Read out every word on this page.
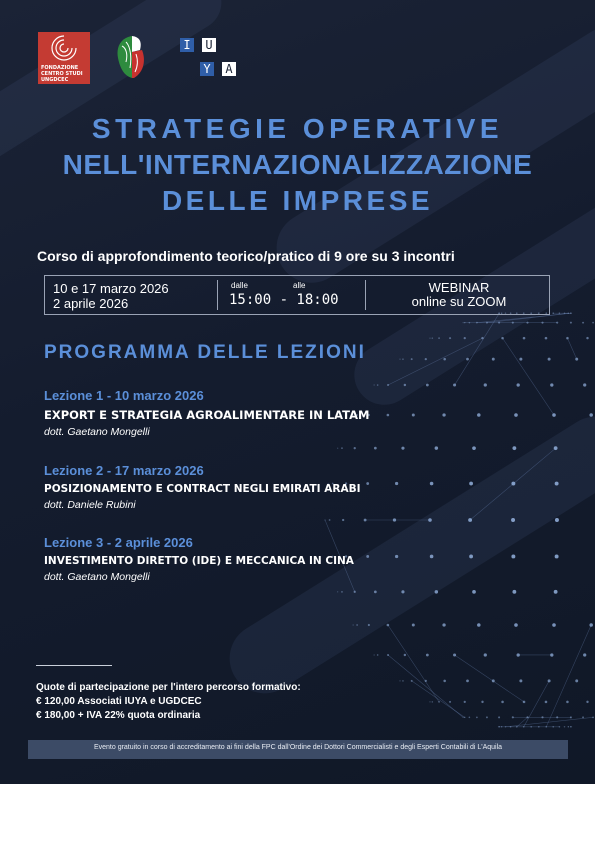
FONDAZIONE
CENTRO STUDI
UNGDCEC
I U
Y A
STRATEGIE OPERATIVE
NELL'INTERNAZIONALIZZAZIONE
DELLE IMPRESE
Corso di approfondimento teorico/pratico di 9 ore su 3 incontri
10 e 17 marzo 2026
2 aprile 2026
dalle	alle
15:00 - 18:00
WEBINAR
online su ZOOM
PROGRAMMA DELLE LEZIONI
Lezione 1 - 10 marzo 2026
EXPORT E STRATEGIA AGROALIMENTARE IN LATAM
dott. Gaetano Mongelli
Lezione 2 - 17 marzo 2026
POSIZIONAMENTO E CONTRACT NEGLI EMIRATI ARABI
dott. Daniele Rubini
Lezione 3 - 2 aprile 2026
INVESTIMENTO DIRETTO (IDE) E MECCANICA IN CINA
dott. Gaetano Mongelli
Quote di partecipazione per l'intero percorso formativo:
€ 120,00 Associati IUYA e UGDCEC
€ 180,00 + IVA 22% quota ordinaria
Evento gratuito in corso di accreditamento ai fini della FPC dall'Ordine dei Dottori Commercialisti e degli Esperti Contabili di L'Aquila
